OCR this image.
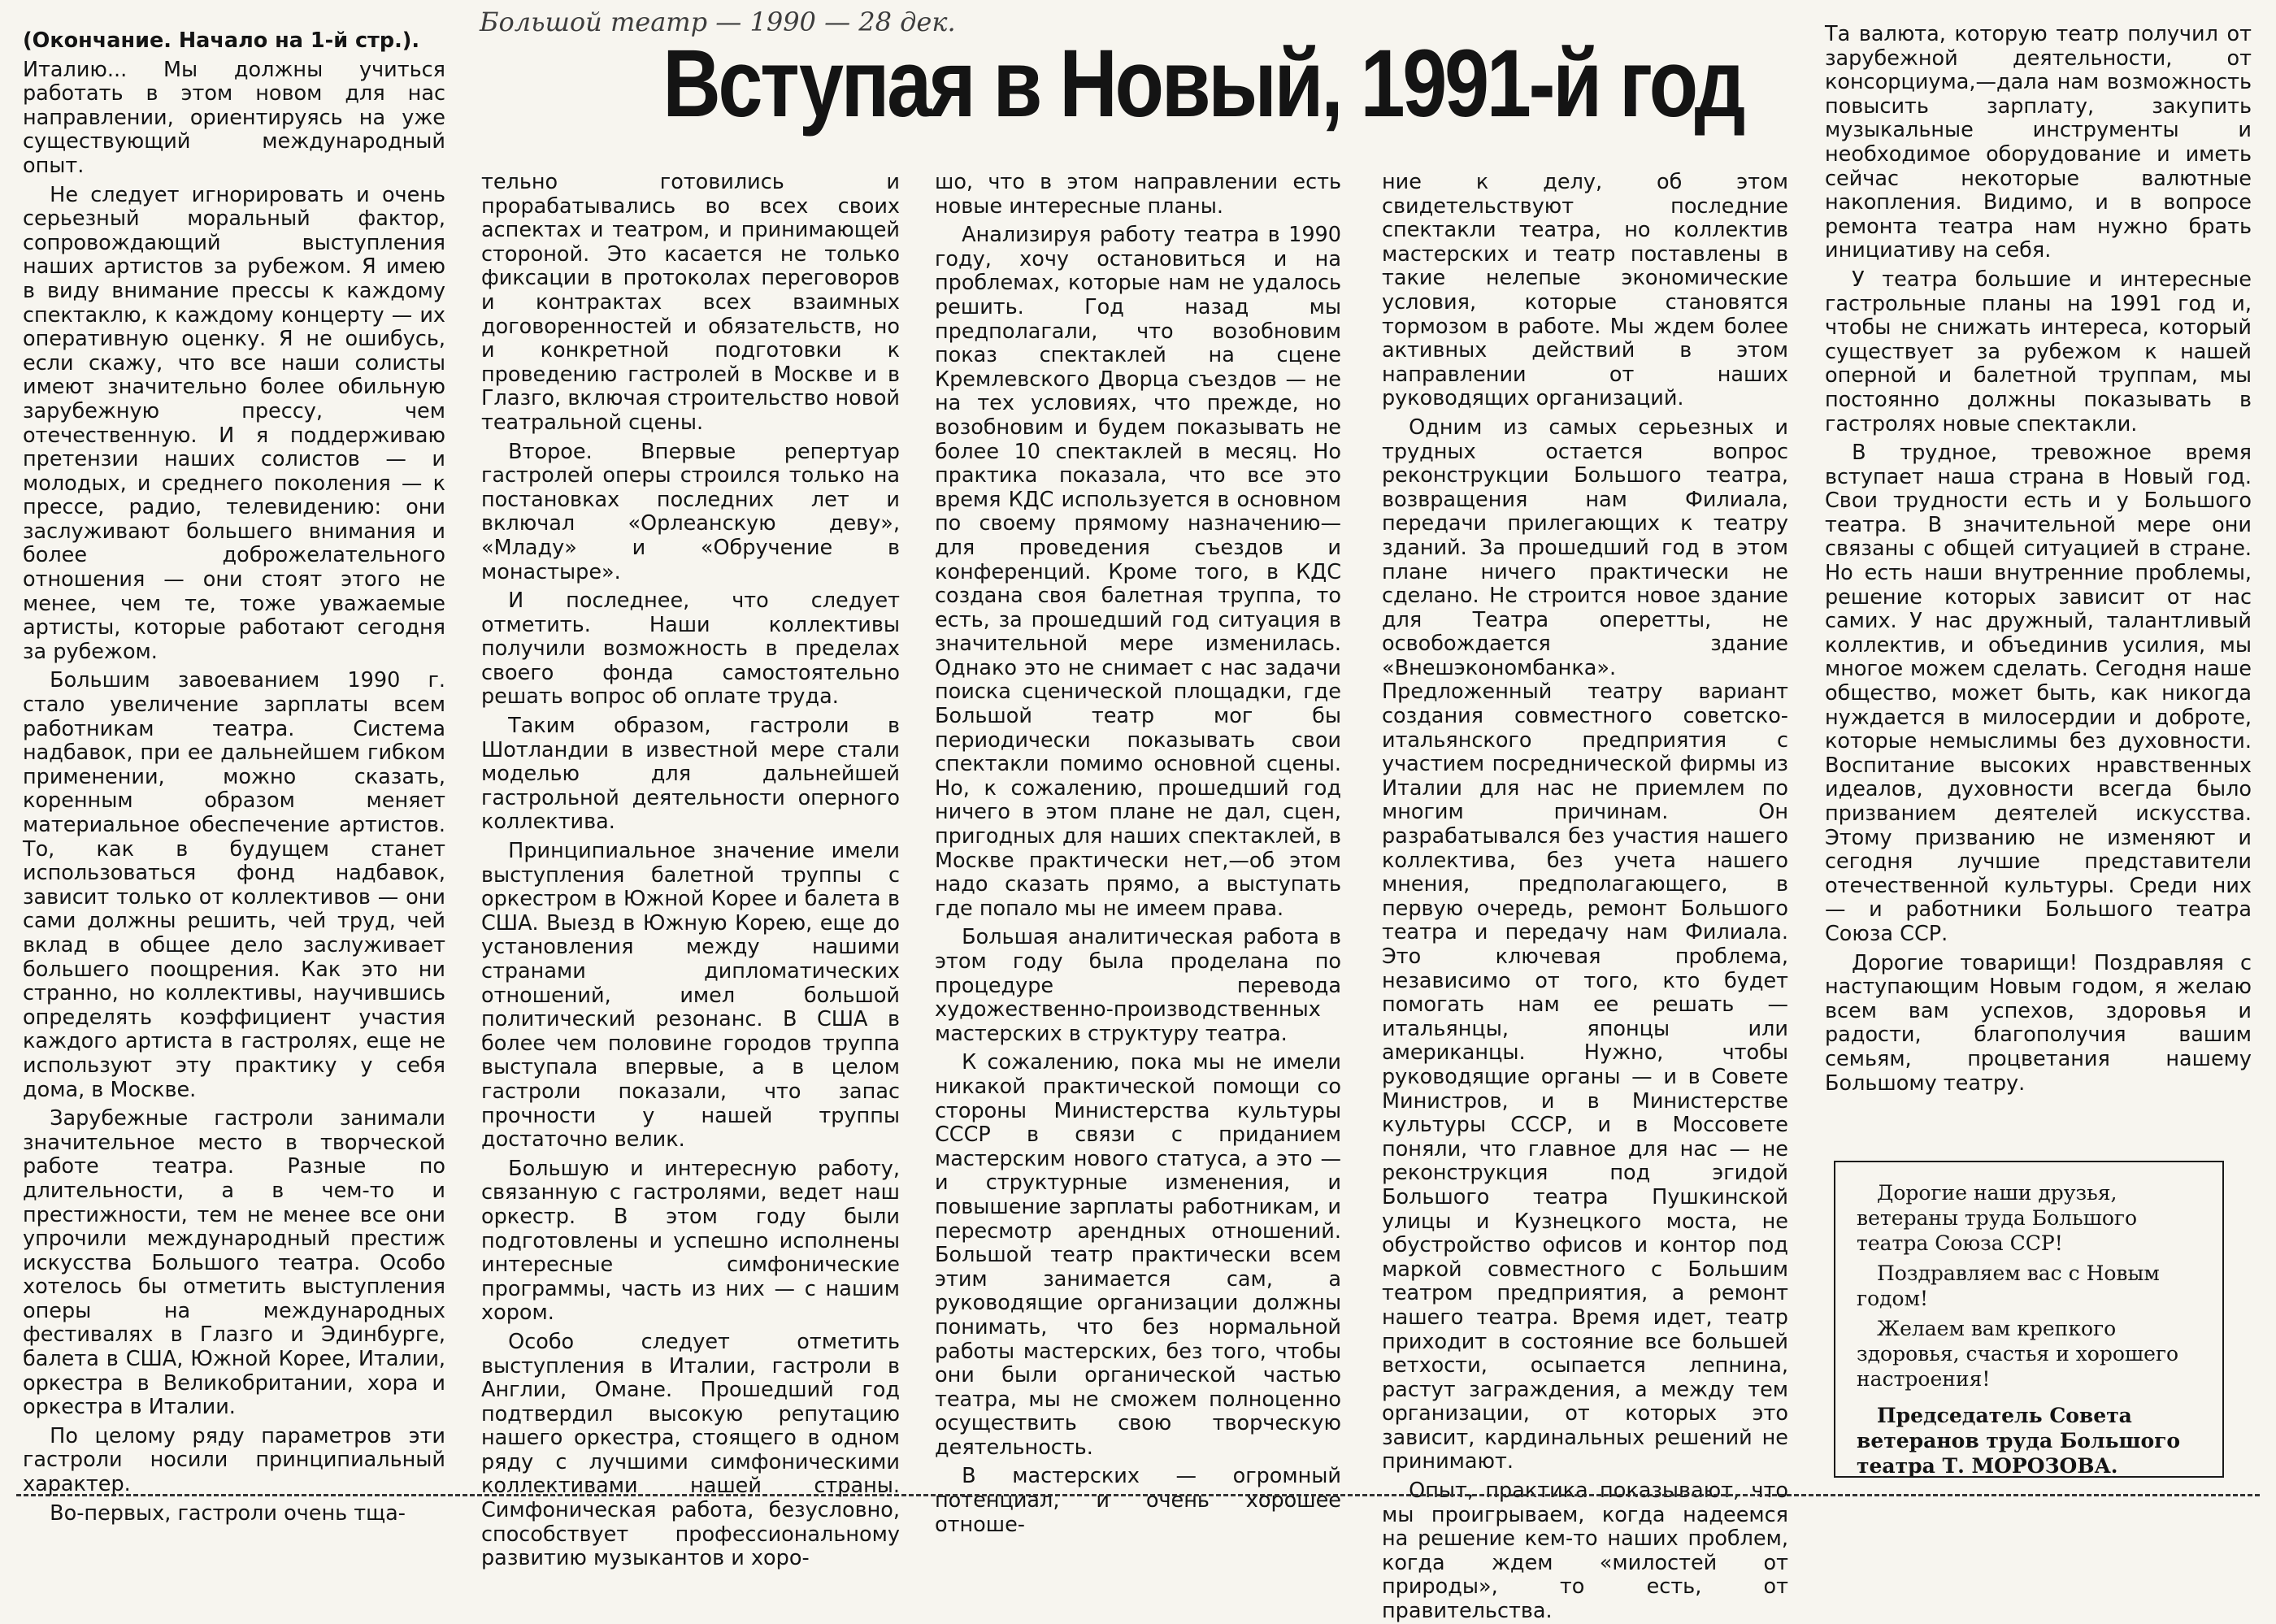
Большой театр — 1990 — 28 дек.
Вступая в Новый, 1991-й год

(Окончание. Начало на 1-й стр.).

Италию... Мы должны учиться работать в этом новом для нас направлении, ориентируясь на уже существующий международный опыт.

Не следует игнорировать и очень серьезный моральный фактор, сопровождающий выступления наших артистов за рубежом. Я имею в виду внимание прессы к каждому спектаклю, к каждому концерту — их оперативную оценку. Я не ошибусь, если скажу, что все наши солисты имеют значительно более обильную зарубежную прессу, чем отечественную. И я поддерживаю претензии наших солистов — и молодых, и среднего поколения — к прессе, радио, телевидению: они заслуживают большего внимания и более доброжелательного отношения — они стоят этого не менее, чем те, тоже уважаемые артисты, которые работают сегодня за рубежом.

Большим завоеванием 1990 г. стало увеличение зарплаты всем работникам театра. Система надбавок, при ее дальнейшем гибком применении, можно сказать, коренным образом меняет материальное обеспечение артистов. То, как в будущем станет использоваться фонд надбавок, зависит только от коллективов — они сами должны решить, чей труд, чей вклад в общее дело заслуживает большего поощрения. Как это ни странно, но коллективы, научившись определять коэффициент участия каждого артиста в гастролях, еще не используют эту практику у себя дома, в Москве.

Зарубежные гастроли занимали значительное место в творческой работе театра. Разные по длительности, а в чем-то и престижности, тем не менее все они упрочили международный престиж искусства Большого театра. Особо хотелось бы отметить выступления оперы на международных фестивалях в Глазго и Эдинбурге, балета в США, Южной Корее, Италии, оркестра в Великобритании, хора и оркестра в Италии.

По целому ряду параметров эти гастроли носили принципиальный характер.

Во-первых, гастроли очень тща-

тельно готовились и прорабатывались во всех своих аспектах и театром, и принимающей стороной. Это касается не только фиксации в протоколах переговоров и контрактах всех взаимных договоренностей и обязательств, но и конкретной подготовки к проведению гастролей в Москве и в Глазго, включая строительство новой театральной сцены.

Второе. Впервые репертуар гастролей оперы строился только на постановках последних лет и включал «Орлеанскую деву», «Младу» и «Обручение в монастыре».

И последнее, что следует отметить. Наши коллективы получили возможность в пределах своего фонда самостоятельно решать вопрос об оплате труда.

Таким образом, гастроли в Шотландии в известной мере стали моделью для дальнейшей гастрольной деятельности оперного коллектива.

Принципиальное значение имели выступления балетной труппы с оркестром в Южной Корее и балета в США. Выезд в Южную Корею, еще до установления между нашими странами дипломатических отношений, имел большой политический резонанс. В США в более чем половине городов труппа выступала впервые, а в целом гастроли показали, что запас прочности у нашей труппы достаточно велик.

Большую и интересную работу, связанную с гастролями, ведет наш оркестр. В этом году были подготовлены и успешно исполнены интересные симфонические программы, часть из них — с нашим хором.

Особо следует отметить выступления в Италии, гастроли в Англии, Омане. Прошедший год подтвердил высокую репутацию нашего оркестра, стоящего в одном ряду с лучшими симфоническими коллективами нашей страны. Симфоническая работа, безусловно, способствует профессиональному развитию музыкантов и хоро-

шо, что в этом направлении есть новые интересные планы.

Анализируя работу театра в 1990 году, хочу остановиться и на проблемах, которые нам не удалось решить. Год назад мы предполагали, что возобновим показ спектаклей на сцене Кремлевского Дворца съездов — не на тех условиях, что прежде, но возобновим и будем показывать не более 10 спектаклей в месяц. Но практика показала, что все это время КДС используется в основном по своему прямому назначению—для проведения съездов и конференций. Кроме того, в КДС создана своя балетная труппа, то есть, за прошедший год ситуация в значительной мере изменилась. Однако это не снимает с нас задачи поиска сценической площадки, где Большой театр мог бы периодически показывать свои спектакли помимо основной сцены. Но, к сожалению, прошедший год ничего в этом плане не дал, сцен, пригодных для наших спектаклей, в Москве практически нет,—об этом надо сказать прямо, а выступать где попало мы не имеем права.

Большая аналитическая работа в этом году была проделана по процедуре перевода художественно-производственных мастерских в структуру театра.

К сожалению, пока мы не имели никакой практической помощи со стороны Министерства культуры СССР в связи с приданием мастерским нового статуса, а это — и структурные изменения, и повышение зарплаты работникам, и пересмотр арендных отношений. Большой театр практически всем этим занимается сам, а руководящие организации должны понимать, что без нормальной работы мастерских, без того, чтобы они были органической частью театра, мы не сможем полноценно осуществить свою творческую деятельность.

В мастерских — огромный потенциал, и очень хорошее отноше-

ние к делу, об этом свидетельствуют последние спектакли театра, но коллектив мастерских и театр поставлены в такие нелепые экономические условия, которые становятся тормозом в работе. Мы ждем более активных действий в этом направлении от наших руководящих организаций.

Одним из самых серьезных и трудных остается вопрос реконструкции Большого театра, возвращения нам Филиала, передачи прилегающих к театру зданий. За прошедший год в этом плане ничего практически не сделано. Не строится новое здание для Театра оперетты, не освобождается здание «Внешэкономбанка». Предложенный театру вариант создания совместного советско-итальянского предприятия с участием посреднической фирмы из Италии для нас не приемлем по многим причинам. Он разрабатывался без участия нашего коллектива, без учета нашего мнения, предполагающего, в первую очередь, ремонт Большого театра и передачу нам Филиала. Это ключевая проблема, независимо от того, кто будет помогать нам ее решать — итальянцы, японцы или американцы. Нужно, чтобы руководящие органы — и в Совете Министров, и в Министерстве культуры СССР, и в Моссовете поняли, что главное для нас — не реконструкция под эгидой Большого театра Пушкинской улицы и Кузнецкого моста, не обустройство офисов и контор под маркой совместного с Большим театром предприятия, а ремонт нашего театра. Время идет, театр приходит в состояние все большей ветхости, осыпается лепнина, растут заграждения, а между тем организации, от которых это зависит, кардинальных решений не принимают.

Опыт, практика показывают, что мы проигрываем, когда надеемся на решение кем-то наших проблем, когда ждем «милостей от природы», то есть, от правительства.

Та валюта, которую театр получил от зарубежной деятельности, от консорциума,—дала нам возможность повысить зарплату, закупить музыкальные инструменты и необходимое оборудование и иметь сейчас некоторые валютные накопления. Видимо, и в вопросе ремонта театра нам нужно брать инициативу на себя.

У театра большие и интересные гастрольные планы на 1991 год и, чтобы не снижать интереса, который существует за рубежом к нашей оперной и балетной труппам, мы постоянно должны показывать в гастролях новые спектакли.

В трудное, тревожное время вступает наша страна в Новый год. Свои трудности есть и у Большого театра. В значительной мере они связаны с общей ситуацией в стране. Но есть наши внутренние проблемы, решение которых зависит от нас самих. У нас дружный, талантливый коллектив, и объединив усилия, мы многое можем сделать. Сегодня наше общество, может быть, как никогда нуждается в милосердии и доброте, которые немыслимы без духовности. Воспитание высоких нравственных идеалов, духовности всегда было призванием деятелей искусства. Этому призванию не изменяют и сегодня лучшие представители отечественной культуры. Среди них — и работники Большого театра Союза ССР.

Дорогие товарищи! Поздравляя с наступающим Новым годом, я желаю всем вам успехов, здоровья и радости, благополучия вашим семьям, процветания нашему Большому театру.

Дорогие наши друзья, ветераны труда Большого театра Союза ССР!

Поздравляем вас с Новым годом!

Желаем вам крепкого здоровья, счастья и хорошего настроения!

Председатель Совета ветеранов труда Большого театра Т. МОРОЗОВА.
